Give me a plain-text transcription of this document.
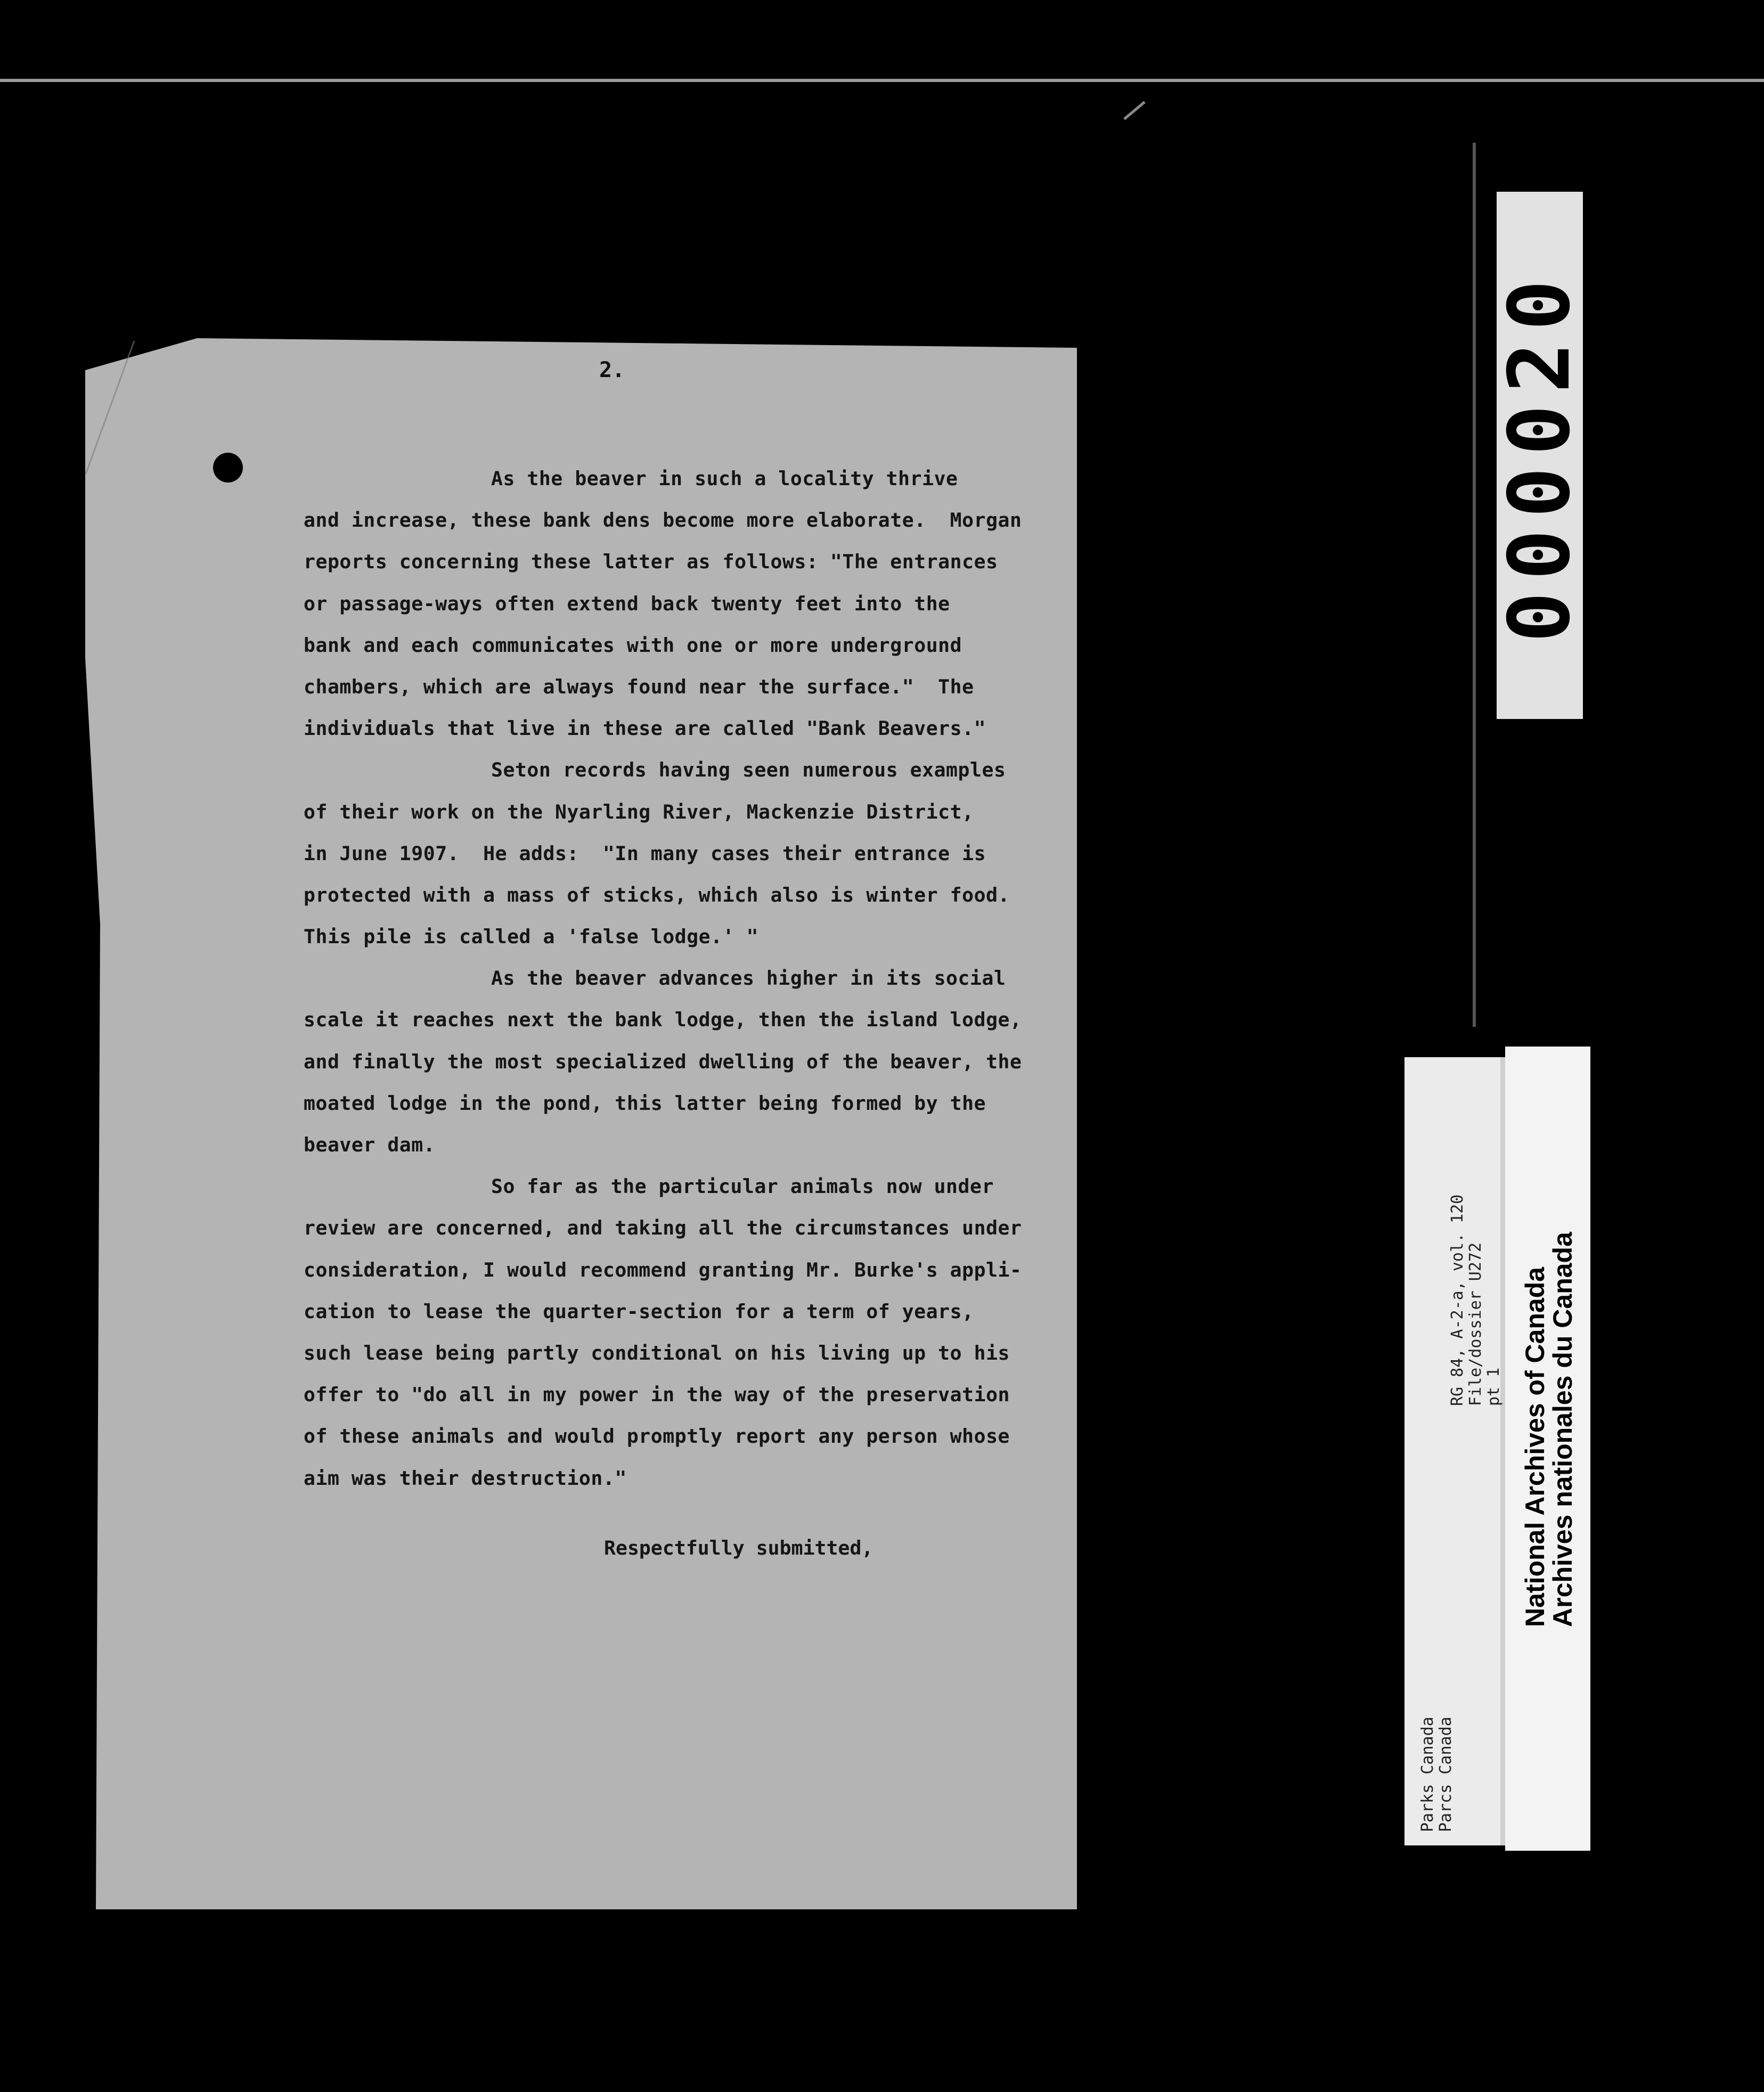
2.
As the beaver in such a locality thrive
and increase, these bank dens become more elaborate.  Morgan
reports concerning these latter as follows: "The entrances
or passage-ways often extend back twenty feet into the
bank and each communicates with one or more underground
chambers, which are always found near the surface."  The
individuals that live in these are called "Bank Beavers."
Seton records having seen numerous examples
of their work on the Nyarling River, Mackenzie District,
in June 1907.  He adds:  "In many cases their entrance is
protected with a mass of sticks, which also is winter food.
This pile is called a 'false lodge.' "
As the beaver advances higher in its social
scale it reaches next the bank lodge, then the island lodge,
and finally the most specialized dwelling of the beaver, the
moated lodge in the pond, this latter being formed by the
beaver dam.
So far as the particular animals now under
review are concerned, and taking all the circumstances under
consideration, I would recommend granting Mr. Burke's appli-
cation to lease the quarter-section for a term of years,
such lease being partly conditional on his living up to his
offer to "do all in my power in the way of the preservation
of these animals and would promptly report any person whose
aim was their destruction."
Respectfully submitted,
000020
Parks Canada Parcs Canada
RG 84, A-2-a, vol. 120 File/dossier U272 pt 1 National Archives of Canada
Archives nationales du Canada
